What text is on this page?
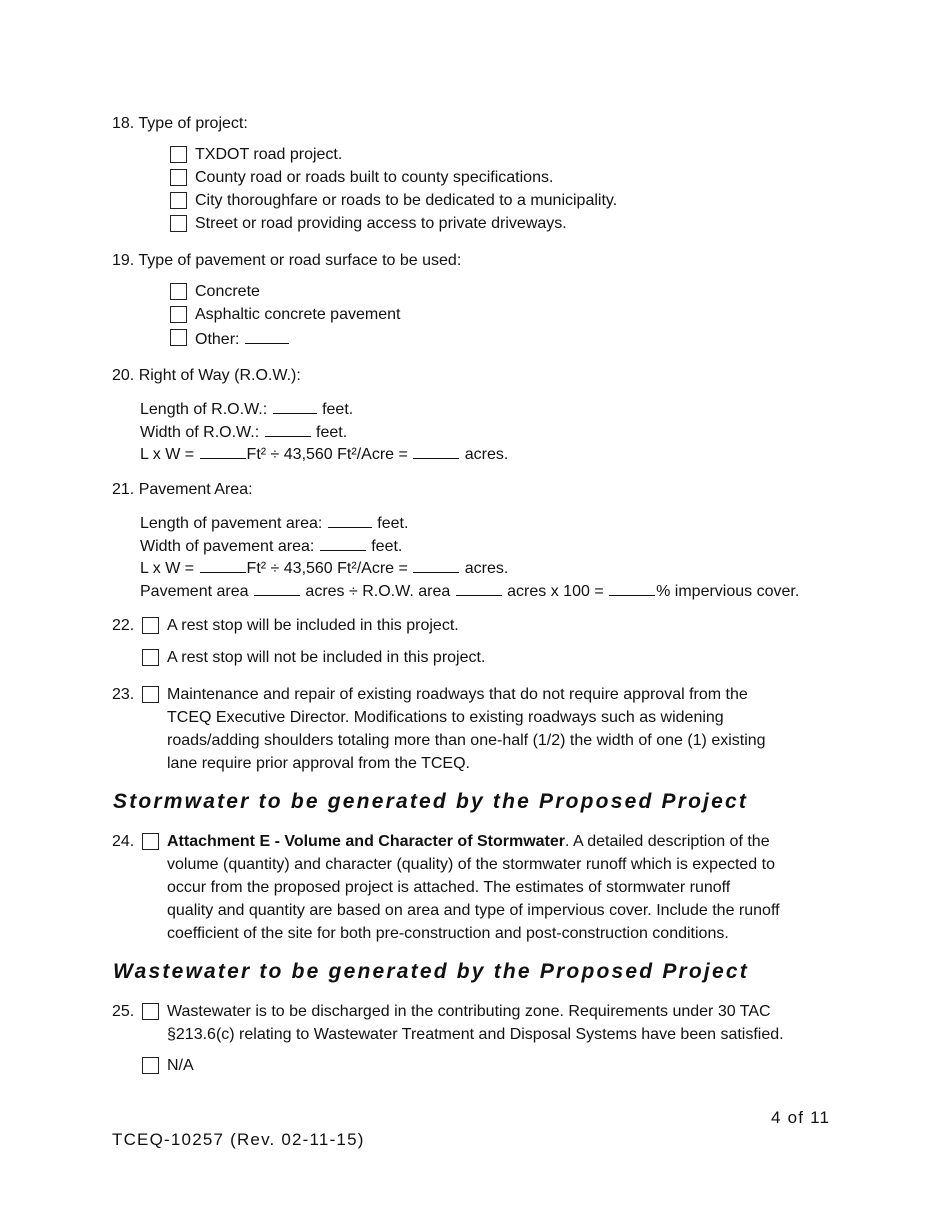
18. Type of project:
TXDOT road project.
County road or roads built to county specifications.
City thoroughfare or roads to be dedicated to a municipality.
Street or road providing access to private driveways.
19. Type of pavement or road surface to be used:
Concrete
Asphaltic concrete pavement
Other:
20. Right of Way (R.O.W.):
Length of R.O.W.:	feet.
Width of R.O.W.:	feet.
L x W =	Ft² ÷ 43,560 Ft²/Acre =	acres.
21. Pavement Area:
Length of pavement area:	feet.
Width of pavement area:	feet.
L x W =	Ft² ÷ 43,560 Ft²/Acre =	acres.
Pavement area	acres ÷ R.O.W. area	acres x 100 =	% impervious cover.
22. A rest stop will be included in this project.
A rest stop will not be included in this project.
23. Maintenance and repair of existing roadways that do not require approval from the
TCEQ Executive Director. Modifications to existing roadways such as widening
roads/adding shoulders totaling more than one-half (1/2) the width of one (1) existing
lane require prior approval from the TCEQ.
Stormwater to be generated by the Proposed Project
24. Attachment E - Volume and Character of Stormwater. A detailed description of the
volume (quantity) and character (quality) of the stormwater runoff which is expected to
occur from the proposed project is attached. The estimates of stormwater runoff
quality and quantity are based on area and type of impervious cover. Include the runoff
coefficient of the site for both pre-construction and post-construction conditions.
Wastewater to be generated by the Proposed Project
25. Wastewater is to be discharged in the contributing zone. Requirements under 30 TAC
§213.6(c) relating to Wastewater Treatment and Disposal Systems have been satisfied.
N/A
4 of 11
TCEQ-10257 (Rev. 02-11-15)
